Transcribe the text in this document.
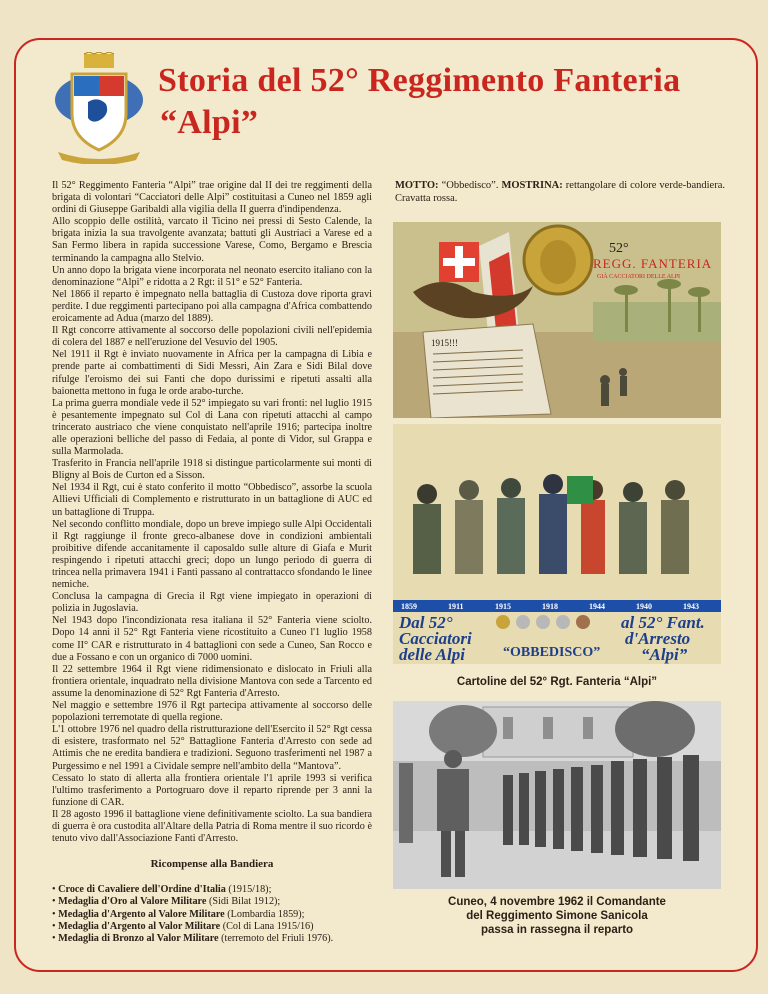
Storia del 52° Reggimento Fanteria
“Alpi”

Il 52° Reggimento Fanteria “Alpi” trae origine dal II dei tre reggimenti della brigata di volontari “Cacciatori delle Alpi” costituitasi a Cuneo nel 1859 agli ordini di Giuseppe Garibaldi alla vigilia della II guerra d'indipendenza.

Allo scoppio delle ostilità, varcato il Ticino nei pressi di Sesto Calende, la brigata inizia la sua travolgente avanzata; battuti gli Austriaci a Varese ed a San Fermo libera in rapida successione Varese, Como, Bergamo e Brescia terminando la campagna allo Stelvio.

Un anno dopo la brigata viene incorporata nel neonato esercito italiano con la denominazione “Alpi” e ridotta a 2 Rgt: il 51° e 52° Fanteria.

Nel 1866 il reparto è impegnato nella battaglia di Custoza dove riporta gravi perdite. I due reggimenti partecipano poi alla campagna d'Africa combattendo eroicamente ad Adua (marzo del 1889).

Il Rgt concorre attivamente al soccorso delle popolazioni civili nell'epidemia di colera del 1887 e nell'eruzione del Vesuvio del 1905.

Nel 1911 il Rgt è inviato nuovamente in Africa per la campagna di Libia e prende parte ai combattimenti di Sidi Messri, Ain Zara e Sidi Bilal dove rifulge l'eroismo dei sui Fanti che dopo durissimi e ripetuti assalti alla baionetta mettono in fuga le orde arabo-turche.

La prima guerra mondiale vede il 52° impiegato su vari fronti: nel luglio 1915 è pesantemente impegnato sul Col di Lana con ripetuti attacchi al campo trincerato austriaco che viene conquistato nell'aprile 1916; partecipa inoltre alle operazioni belliche del passo di Fedaia, al ponte di Vidor, sul Grappa e sulla Marmolada.

Trasferito in Francia nell'aprile 1918 si distingue particolarmente sui monti di Bligny al Bois de Curton ed a Sisson.

Nel 1934 il Rgt, cui è stato conferito il motto “Obbedisco”, assorbe la scuola Allievi Ufficiali di Complemento e ristrutturato in un battaglione di AUC ed un battaglione di Truppa.

Nel secondo conflitto mondiale, dopo un breve impiego sulle Alpi Occidentali il Rgt raggiunge il fronte greco-albanese dove in condizioni ambientali proibitive difende accanitamente il caposaldo sulle alture di Giafa e Murit respingendo i ripetuti attacchi greci; dopo un lungo periodo di guerra di trincea nella primavera 1941 i Fanti passano al contrattacco sfondando le linee nemiche.

Conclusa la campagna di Grecia il Rgt viene impiegato in operazioni di polizia in Jugoslavia.

Nel 1943 dopo l'incondizionata resa italiana il 52° Fanteria viene sciolto. Dopo 14 anni il 52° Rgt Fanteria viene ricostituito a Cuneo l'1 luglio 1958 come II° CAR e ristrutturato in 4 battaglioni con sede a Cuneo, San Rocco e due a Fossano e con un organico di 7000 uomini.

Il 22 settembre 1964 il Rgt viene ridimensionato e dislocato in Friuli alla frontiera orientale, inquadrato nella divisione Mantova con sede a Tarcento ed assume la denominazione di 52° Rgt Fanteria d'Arresto.

Nel maggio e settembre 1976 il Rgt partecipa attivamente al soccorso delle popolazioni terremotate di quella regione.

L'1 ottobre 1976 nel quadro della ristrutturazione dell'Esercito il 52° Rgt cessa di esistere, trasformato nel 52° Battaglione Fanteria d'Arresto con sede ad Attimis che ne eredita bandiera e tradizioni. Seguono trasferimenti nel 1987 a Purgessimo e nel 1991 a Cividale sempre nell'ambito della “Mantova”.

Cessato lo stato di allerta alla frontiera orientale l'1 aprile 1993 si verifica l'ultimo trasferimento a Portogruaro dove il reparto riprende per 3 anni la funzione di CAR.

Il 28 agosto 1996 il battaglione viene definitivamente sciolto. La sua bandiera di guerra è ora custodita all'Altare della Patria di Roma mentre il suo ricordo è tenuto vivo dall'Associazione Fanti d'Arresto.

Ricompense alla Bandiera
• Croce di Cavaliere dell'Ordine d'Italia (1915/18);
• Medaglia d'Oro al Valore Militare (Sidi Bilat 1912);
• Medaglia d'Argento al Valore Militare (Lombardia 1859);
• Medaglia d'Argento al Valor Militare (Col di Lana 1915/16)
• Medaglia di Bronzo al Valor Militare (terremoto del Friuli 1976).
MOTTO: “Obbedisco”. MOSTRINA: rettangolare di colore verde-bandiera. Cravatta rossa.
52°
REGG. FANTERIA
GIÀ CACCIATORI DELLE ALPI
1915!!!
1859	1911	1915	1918	1944	1940	1943
Dal 52°
Cacciatori
delle Alpi
al 52° Fant.
d'Arresto
“Alpi”
“OBBEDISCO”
Cartoline del 52° Rgt. Fanteria “Alpi”
Cuneo, 4 novembre 1962 il Comandante
del Reggimento Simone Sanicola
passa in rassegna il reparto
